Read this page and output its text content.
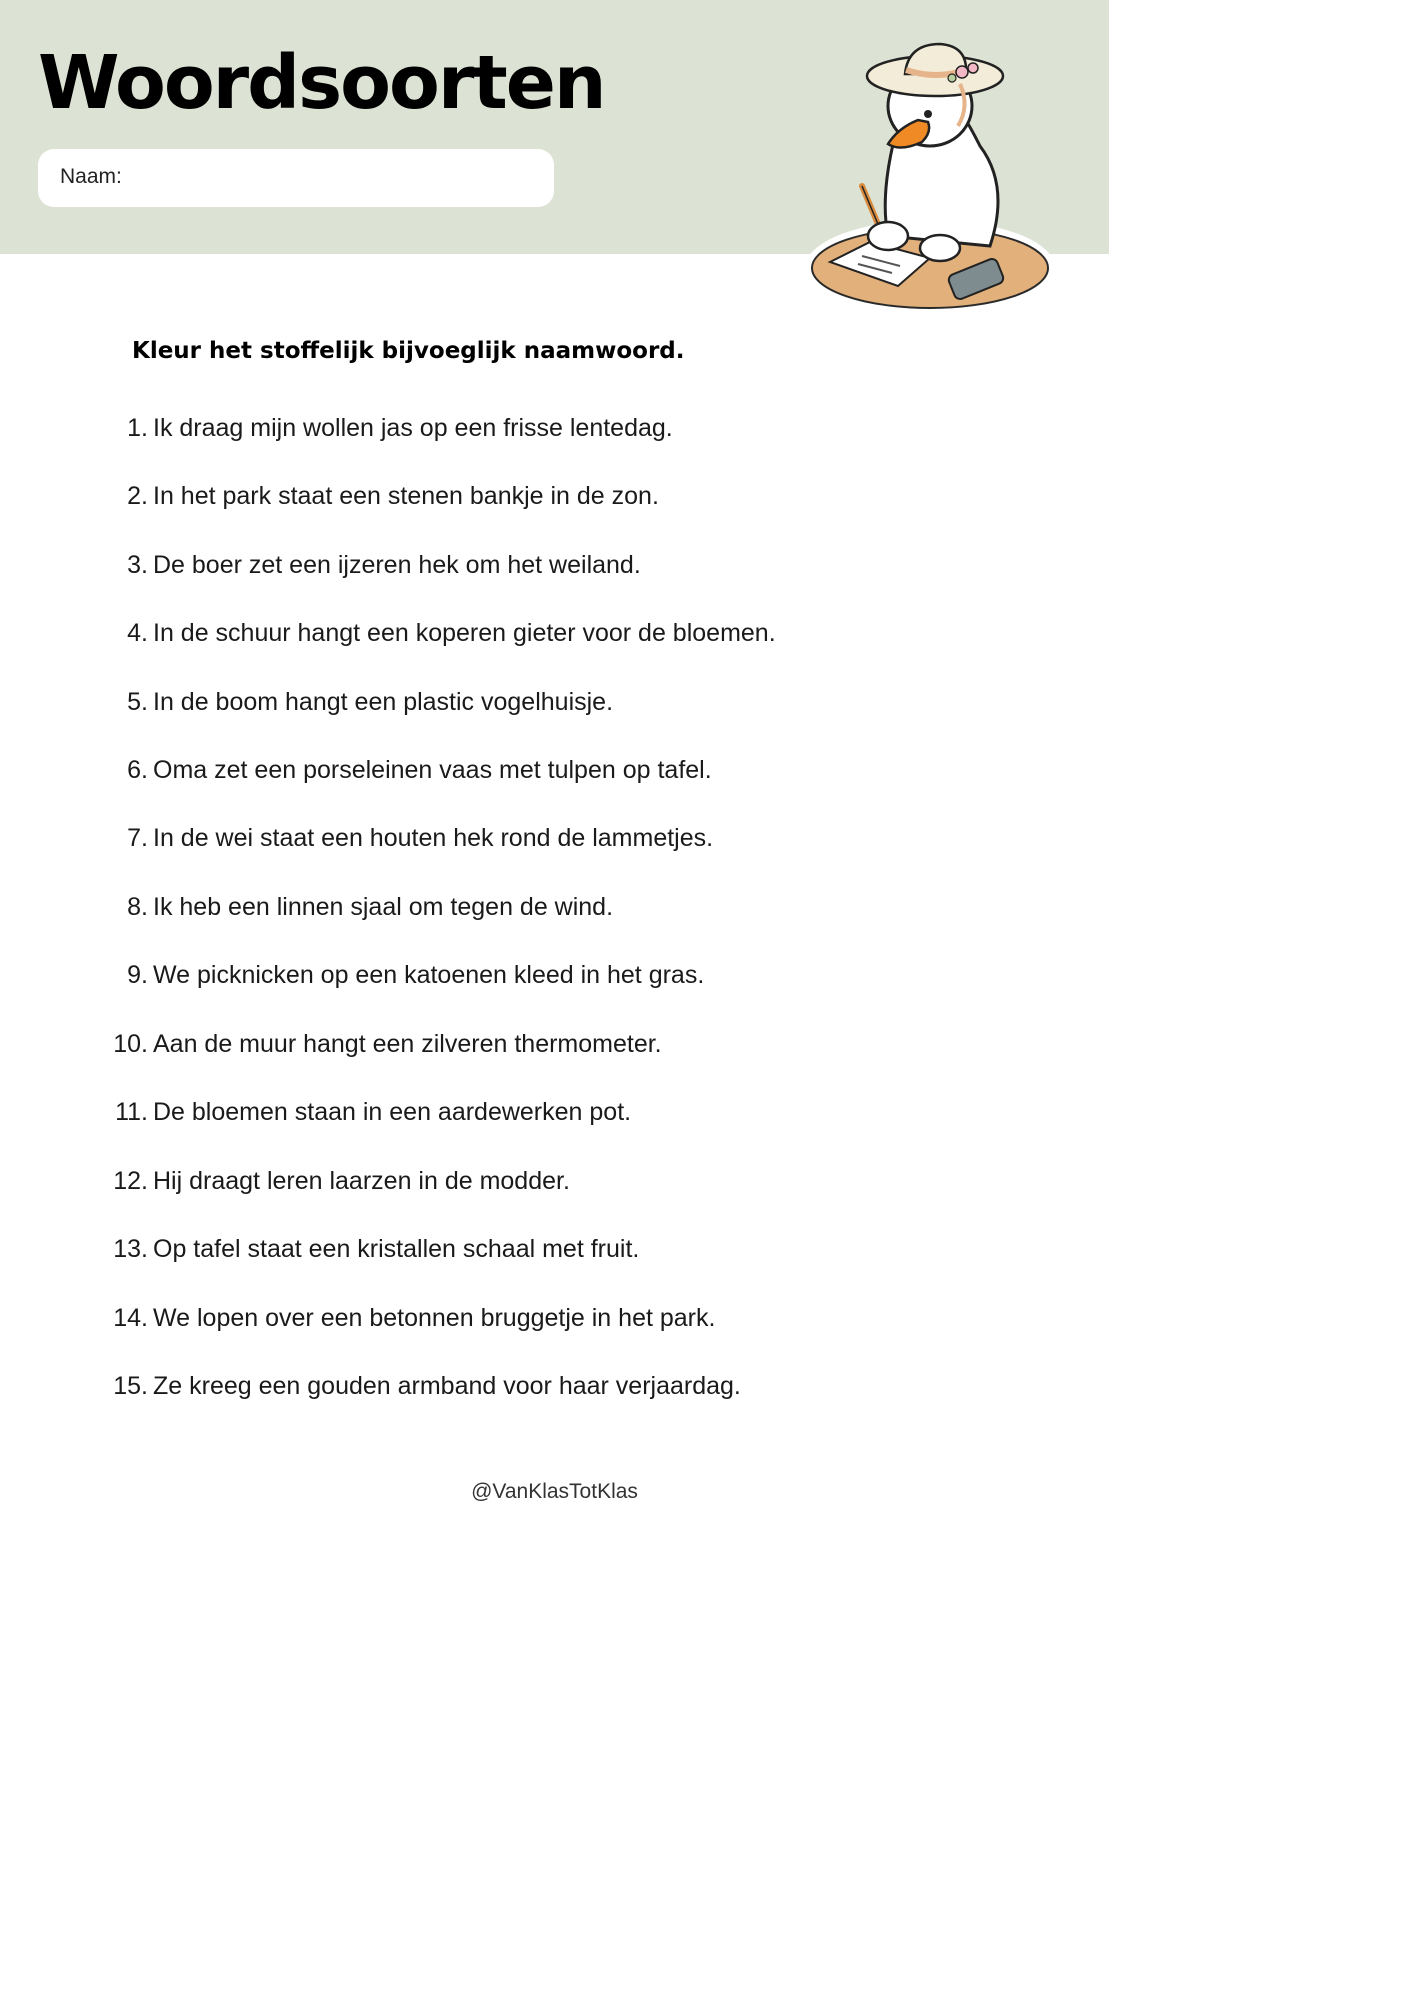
Woordsoorten
Naam:

Kleur het stoffelijk bijvoeglijk naamwoord.

1. Ik draag mijn wollen jas op een frisse lentedag.
2. In het park staat een stenen bankje in de zon.
3. De boer zet een ijzeren hek om het weiland.
4. In de schuur hangt een koperen gieter voor de bloemen.
5. In de boom hangt een plastic vogelhuisje.
6. Oma zet een porseleinen vaas met tulpen op tafel.
7. In de wei staat een houten hek rond de lammetjes.
8. Ik heb een linnen sjaal om tegen de wind.
9. We picknicken op een katoenen kleed in het gras.
10. Aan de muur hangt een zilveren thermometer.
11. De bloemen staan in een aardewerken pot.
12. Hij draagt leren laarzen in de modder.
13. Op tafel staat een kristallen schaal met fruit.
14. We lopen over een betonnen bruggetje in het park.
15. Ze kreeg een gouden armband voor haar verjaardag.
@VanKlasTotKlas
